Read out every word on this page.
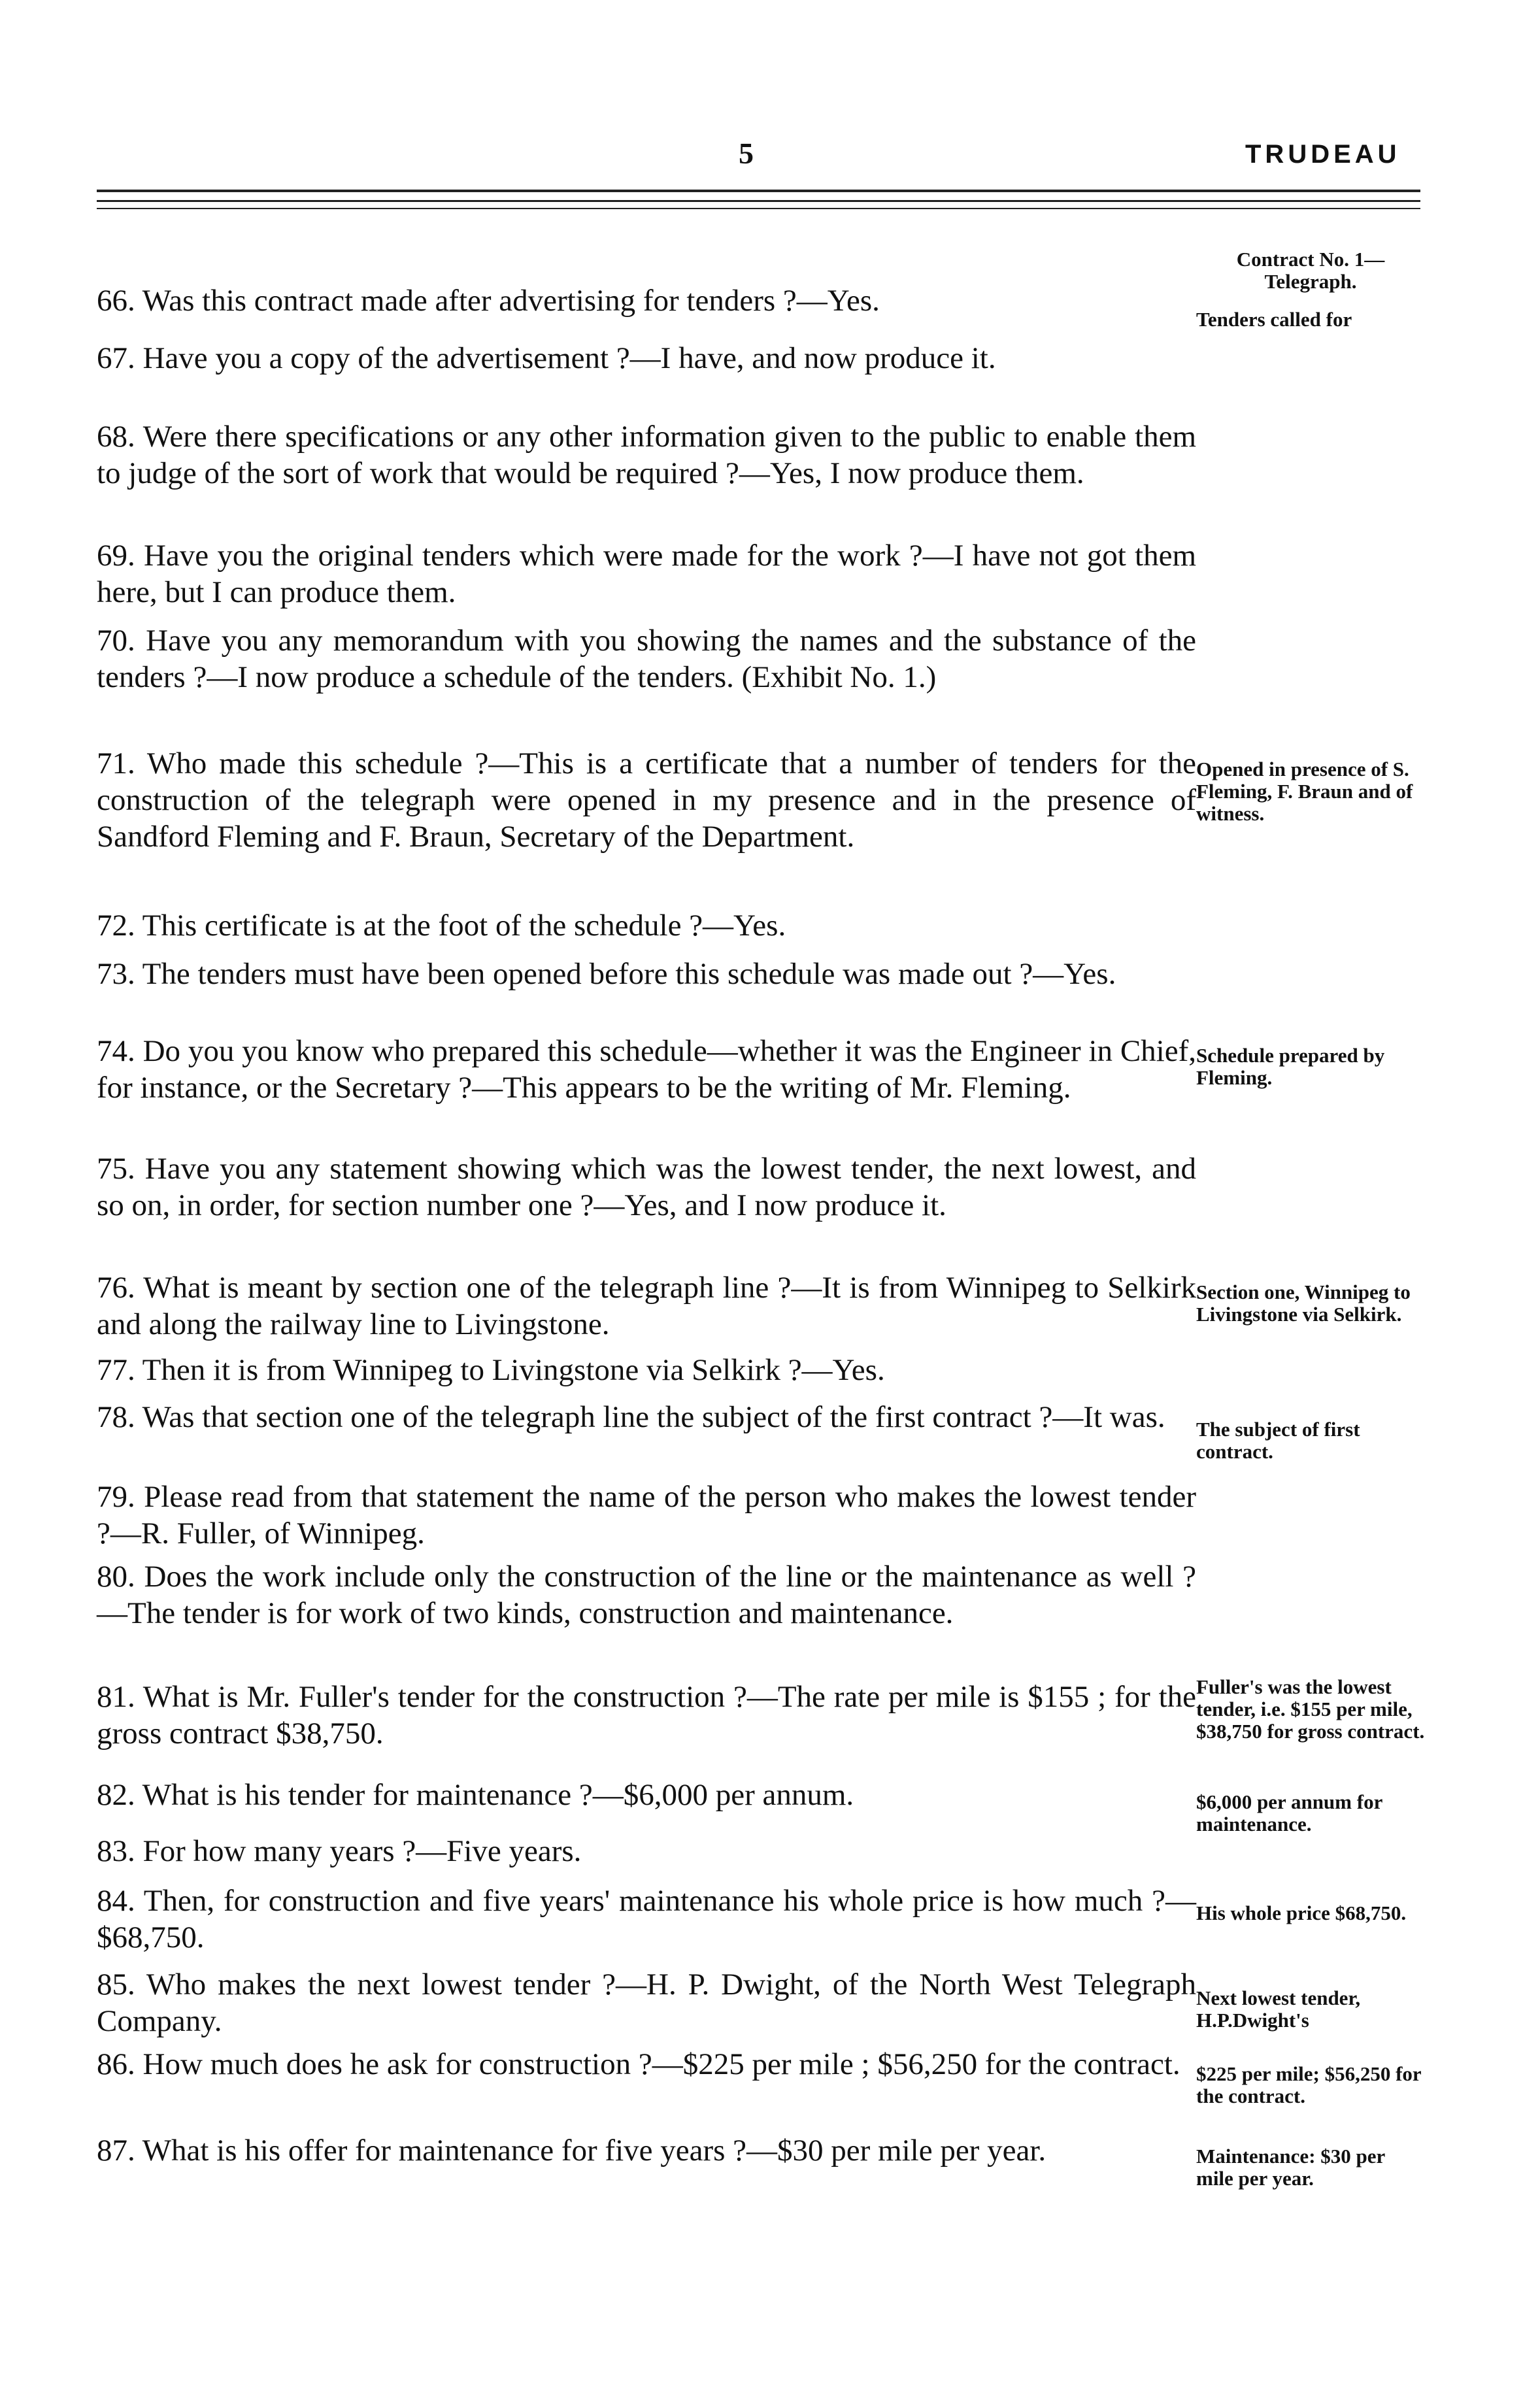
5	TRUDEAU
66. Was this contract made after advertising for tenders ?—Yes.
67. Have you a copy of the advertisement ?—I have, and now produce it.
68. Were there specifications or any other information given to the public to enable them to judge of the sort of work that would be required ?—Yes, I now produce them.
69. Have you the original tenders which were made for the work ?—I have not got them here, but I can produce them.
70. Have you any memorandum with you showing the names and the substance of the tenders ?—I now produce a schedule of the tenders. (Exhibit No. 1.)
71. Who made this schedule ?—This is a certificate that a number of tenders for the construction of the telegraph were opened in my presence and in the presence of Sandford Fleming and F. Braun, Secretary of the Department.
72. This certificate is at the foot of the schedule ?—Yes.
73. The tenders must have been opened before this schedule was made out ?—Yes.
74. Do you you know who prepared this schedule—whether it was the Engineer in Chief, for instance, or the Secretary ?—This appears to be the writing of Mr. Fleming.
75. Have you any statement showing which was the lowest tender, the next lowest, and so on, in order, for section number one ?—Yes, and I now produce it.
76. What is meant by section one of the telegraph line ?—It is from Winnipeg to Selkirk and along the railway line to Livingstone.
77. Then it is from Winnipeg to Livingstone via Selkirk ?—Yes.
78. Was that section one of the telegraph line the subject of the first contract ?—It was.
79. Please read from that statement the name of the person who makes the lowest tender ?—R. Fuller, of Winnipeg.
80. Does the work include only the construction of the line or the maintenance as well ?—The tender is for work of two kinds, construction and maintenance.
81. What is Mr. Fuller's tender for the construction ?—The rate per mile is $155 ; for the gross contract $38,750.
82. What is his tender for maintenance ?—$6,000 per annum.
83. For how many years ?—Five years.
84. Then, for construction and five years' maintenance his whole price is how much ?—$68,750.
85. Who makes the next lowest tender ?—H. P. Dwight, of the North West Telegraph Company.
86. How much does he ask for construction ?—$225 per mile ; $56,250 for the contract.
87. What is his offer for maintenance for five years ?—$30 per mile per year.
Contract No. 1—Telegraph.
Tenders called for
Opened in presence of S. Fleming, F. Braun and of witness.
Schedule prepared by Fleming.
Section one, Winnipeg to Livingstone via Selkirk.
The subject of first contract.
Fuller's was the lowest tender, i.e. $155 per mile, $38,750 for gross contract.
$6,000 per annum for maintenance.
His whole price $68,750.
Next lowest tender, H.P.Dwight's
$225 per mile; $56,250 for the contract.
Maintenance: $30 per mile per year.
